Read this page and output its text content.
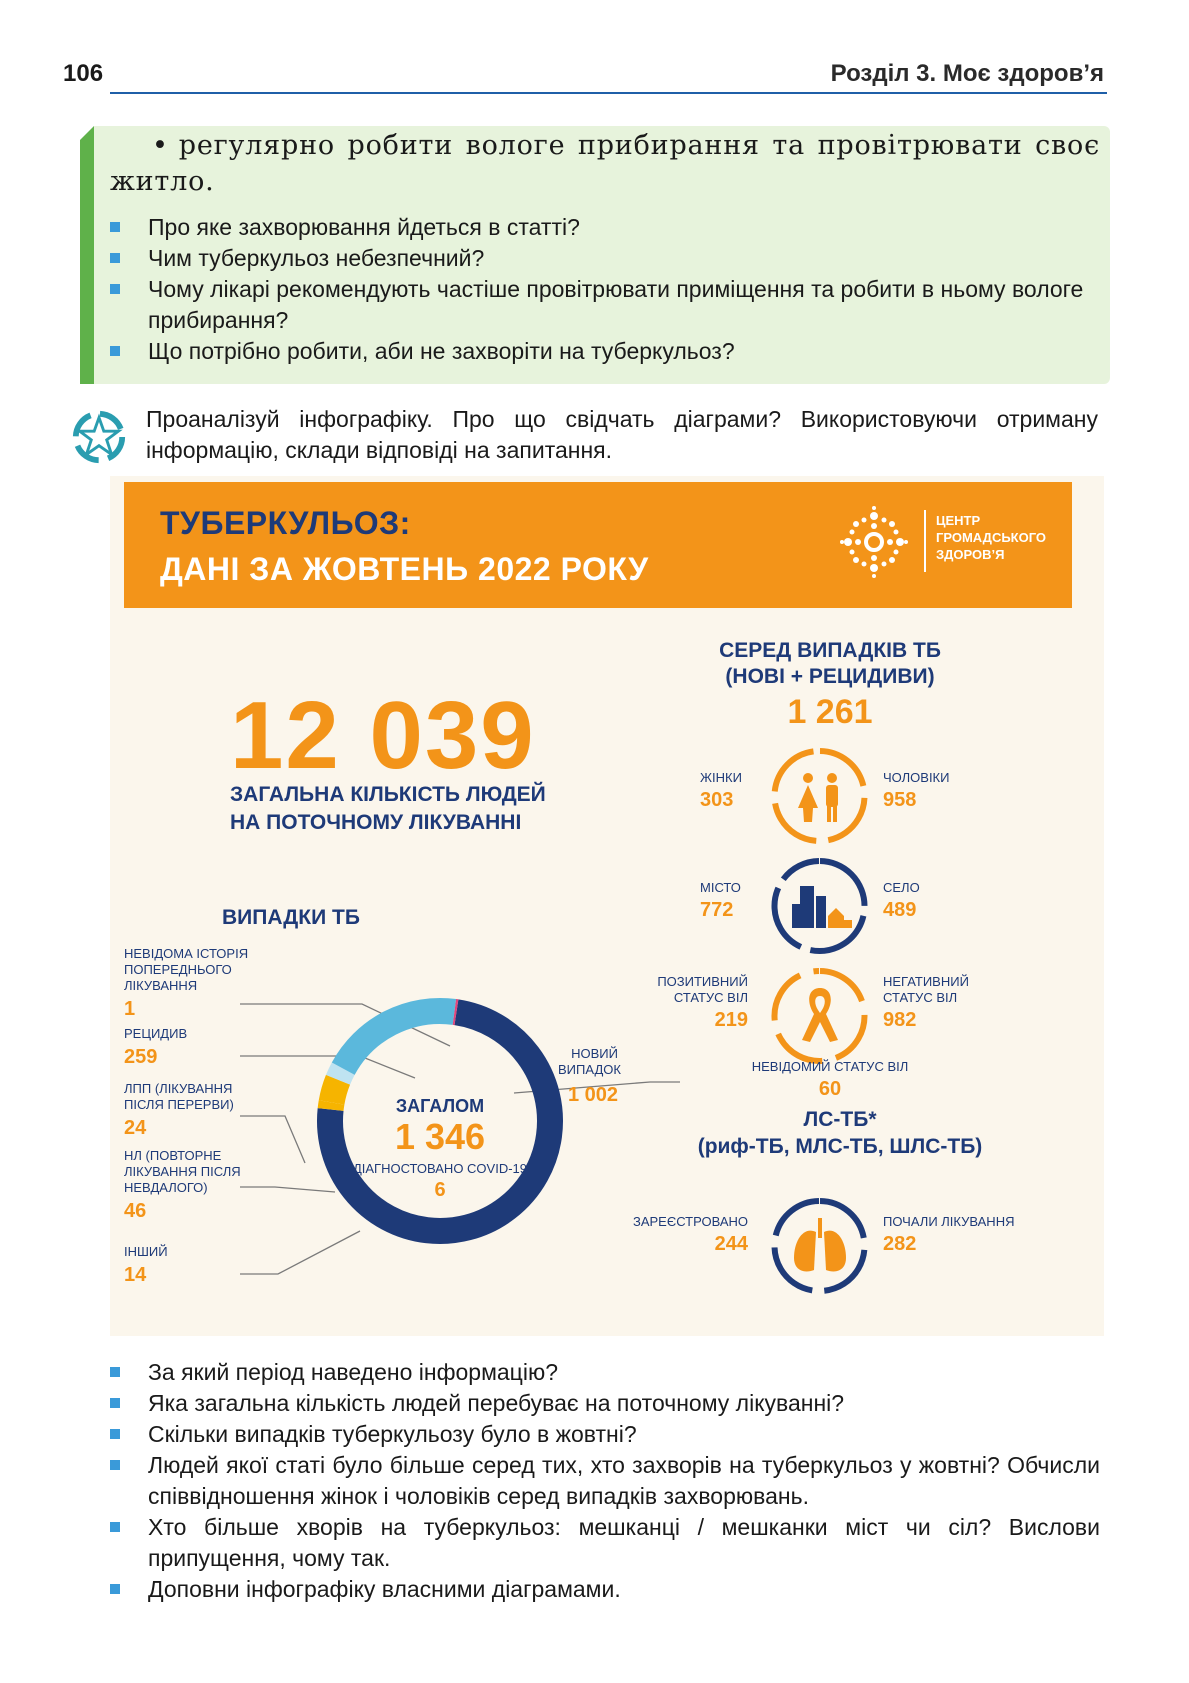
106	Розділ 3. Моє здоров’я
• регулярно робити вологе прибирання та провітрювати своє житло.
Про яке захворювання йдеться в статті?
Чим туберкульоз небезпечний?
Чому лікарі рекомендують частіше провітрювати приміщення та робити в ньому вологе прибирання?
Що потрібно робити, аби не захворіти на туберкульоз?
Проаналізуй інфографіку. Про що свідчать діаграми? Використовуючи отриману інформацію, склади відповіді на запитання.
ТУБЕРКУЛЬОЗ:
ДАНІ ЗА ЖОВТЕНЬ 2022 РОКУ
ЦЕНТР
ГРОМАДСЬКОГО
ЗДОРОВ’Я
12 039
ЗАГАЛЬНА КІЛЬКІСТЬ ЛЮДЕЙ
НА ПОТОЧНОМУ ЛІКУВАННІ
ВИПАДКИ ТБ
НЕВІДОМА ІСТОРІЯ ПОПЕРЕДНЬОГО ЛІКУВАННЯ
1
РЕЦИДИВ
259
ЛПП (ЛІКУВАННЯ ПІСЛЯ ПЕРЕРВИ)
24
НЛ (ПОВТОРНЕ ЛІКУВАННЯ ПІСЛЯ НЕВДАЛОГО)
46
ІНШИЙ
14
ЗАГАЛОМ
1 346
ДІАГНОСТОВАНО COVID-19
6
НОВИЙ ВИПАДОК
1 002
СЕРЕД ВИПАДКІВ ТБ
(НОВІ + РЕЦИДИВИ)
1 261
ЖІНКИ
303
ЧОЛОВІКИ
958
МІСТО
772
СЕЛО
489
ПОЗИТИВНИЙ СТАТУС ВІЛ
219
НЕГАТИВНИЙ СТАТУС ВІЛ
982
НЕВІДОМИЙ СТАТУС ВІЛ
60
ЛС-ТБ*
(риф-ТБ, МЛС-ТБ, ШЛС-ТБ)
ЗАРЕЄСТРОВАНО
244
ПОЧАЛИ ЛІКУВАННЯ
282
За який період наведено інформацію?
Яка загальна кількість людей перебуває на поточному лікуванні?
Скільки випадків туберкульозу було в жовтні?
Людей якої статі було більше серед тих, хто захворів на туберкульоз у жовтні? Обчисли співвідношення жінок і чоловіків серед випадків захворювань.
Хто більше хворів на туберкульоз: мешканці / мешканки міст чи сіл? Вислови припущення, чому так.
Доповни інфографіку власними діаграмами.
